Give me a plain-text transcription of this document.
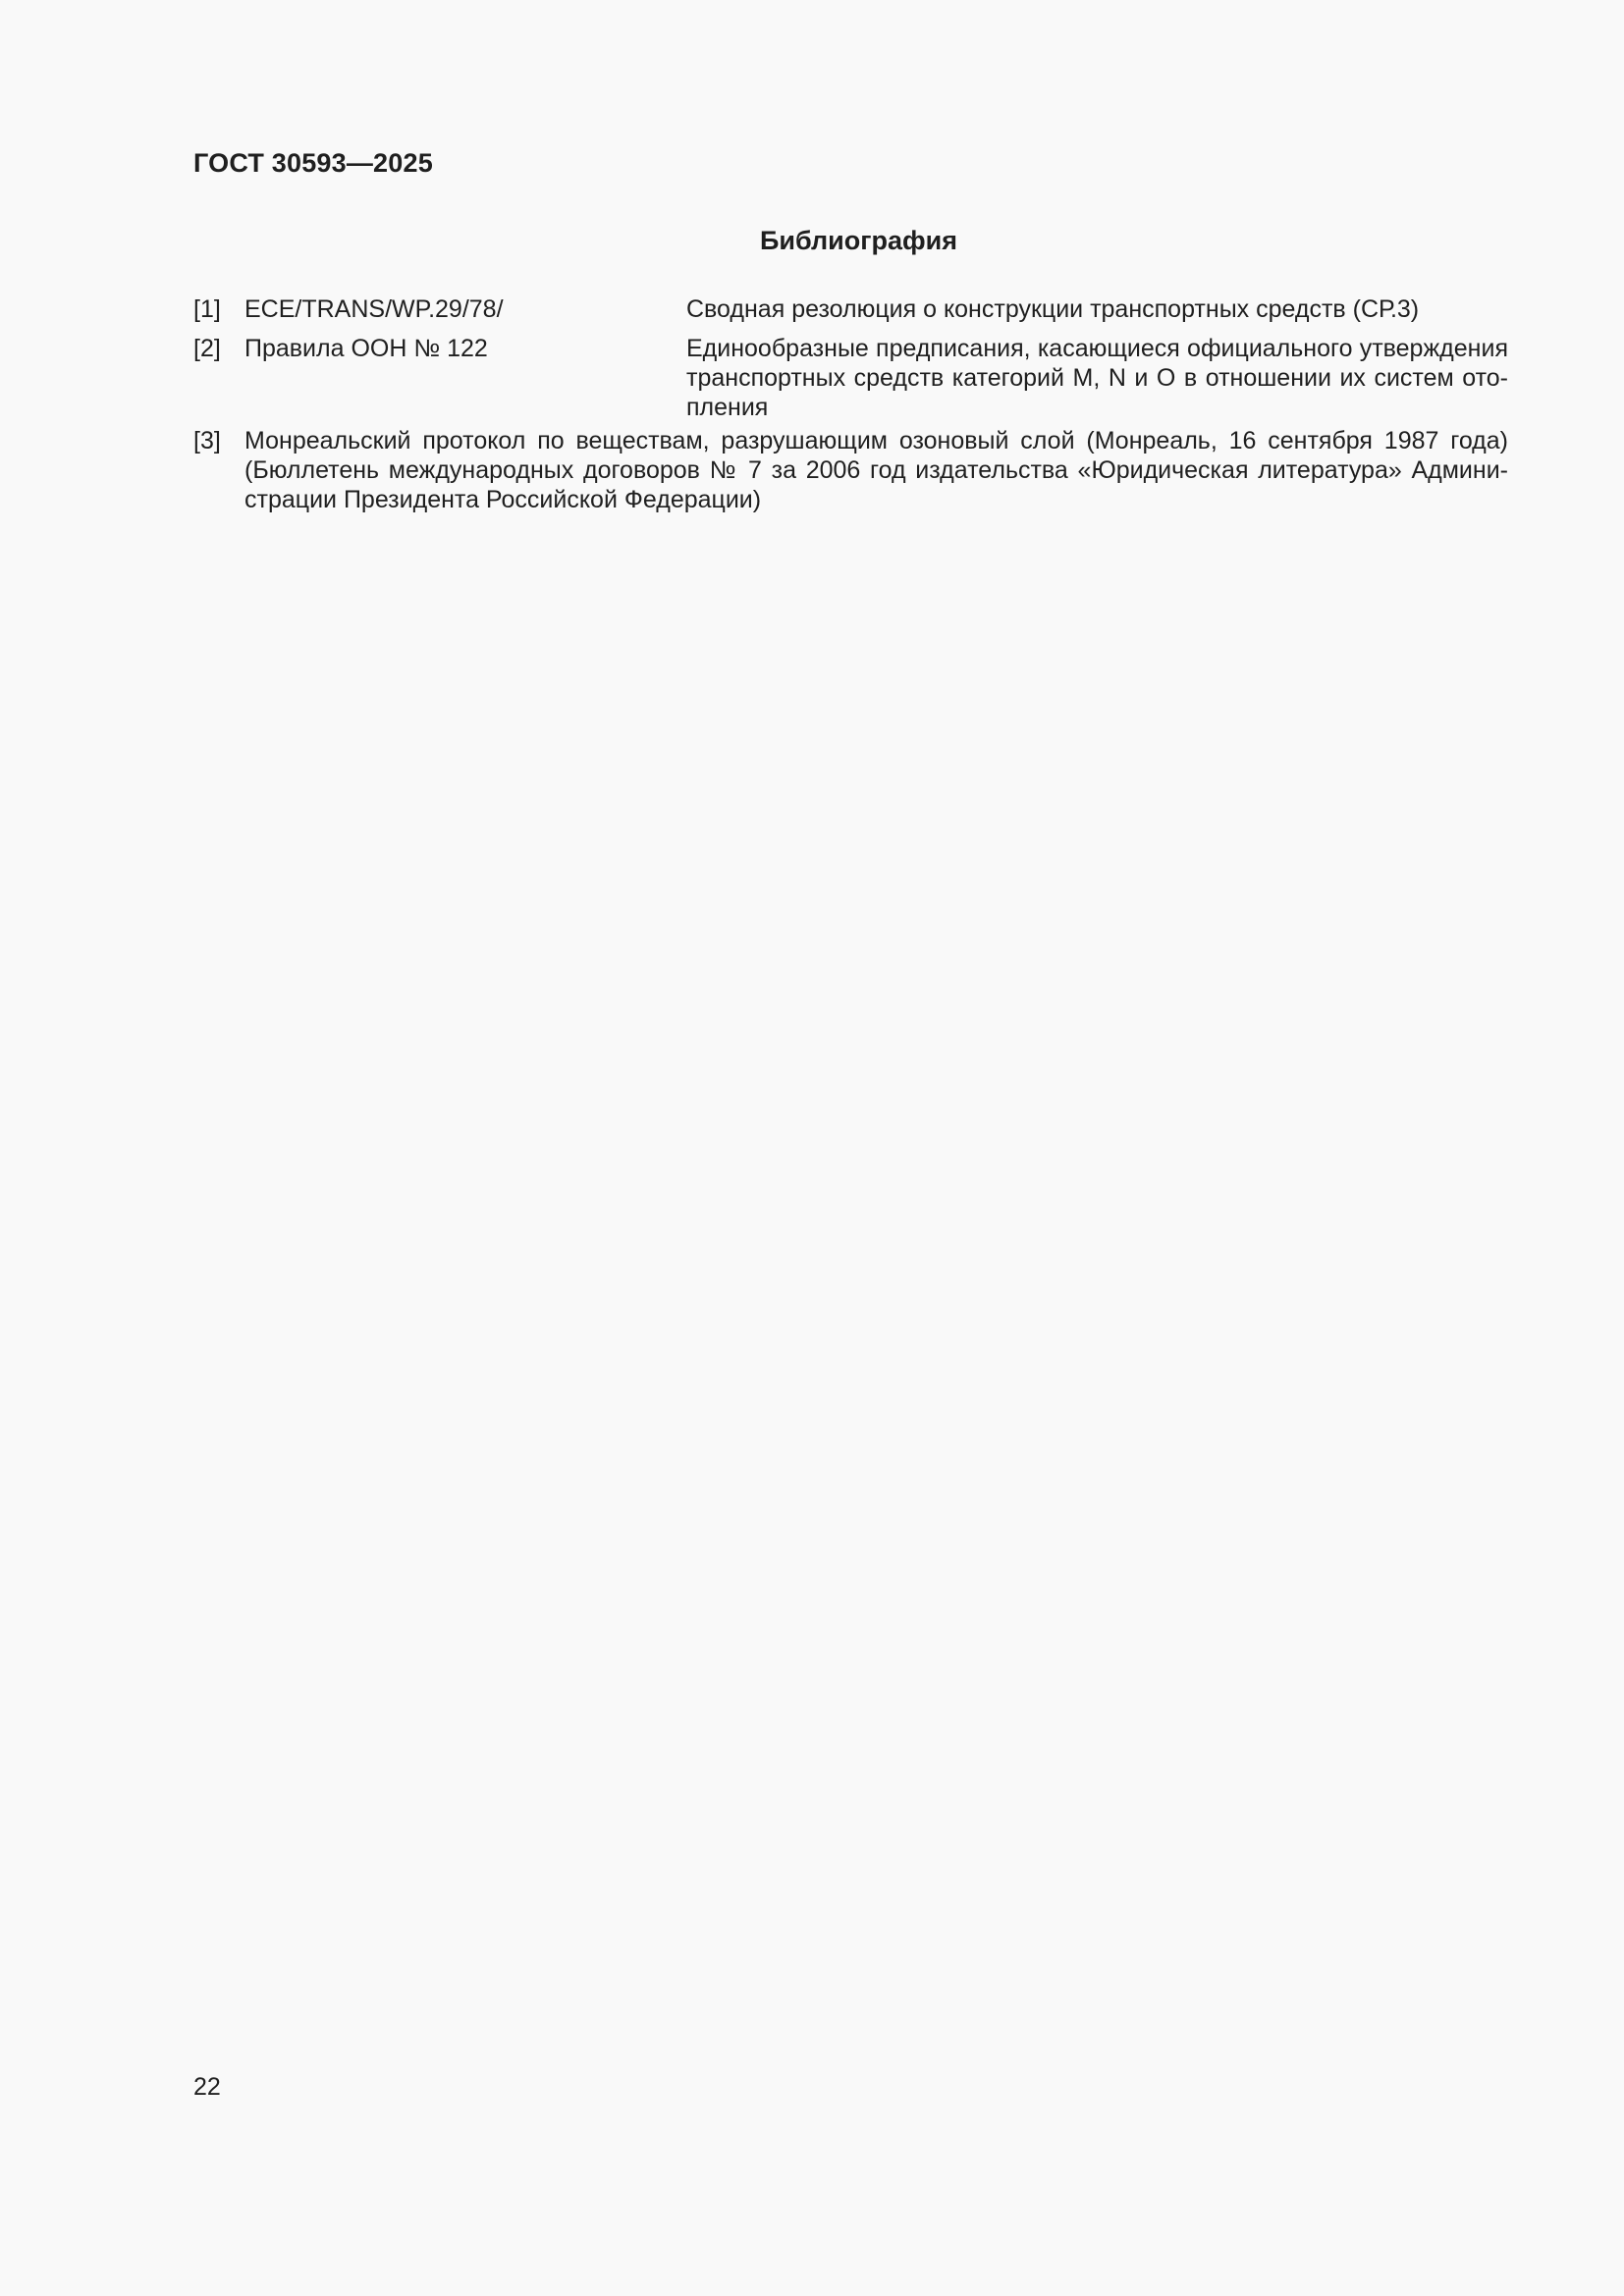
ГОСТ 30593—2025
Библиография
[1] ECE/TRANS/WP.29/78/	Сводная резолюция о конструкции транспортных средств (СР.3)
[2] Правила ООН № 122	Единообразные предписания, касающиеся официального утверждения транспортных средств категорий М, N и О в отношении их систем отопления
[3] Монреальский протокол по веществам, разрушающим озоновый слой (Монреаль, 16 сентября 1987 года) (Бюллетень международных договоров № 7 за 2006 год издательства «Юридическая литература» Администрации Президента Российской Федерации)
22
